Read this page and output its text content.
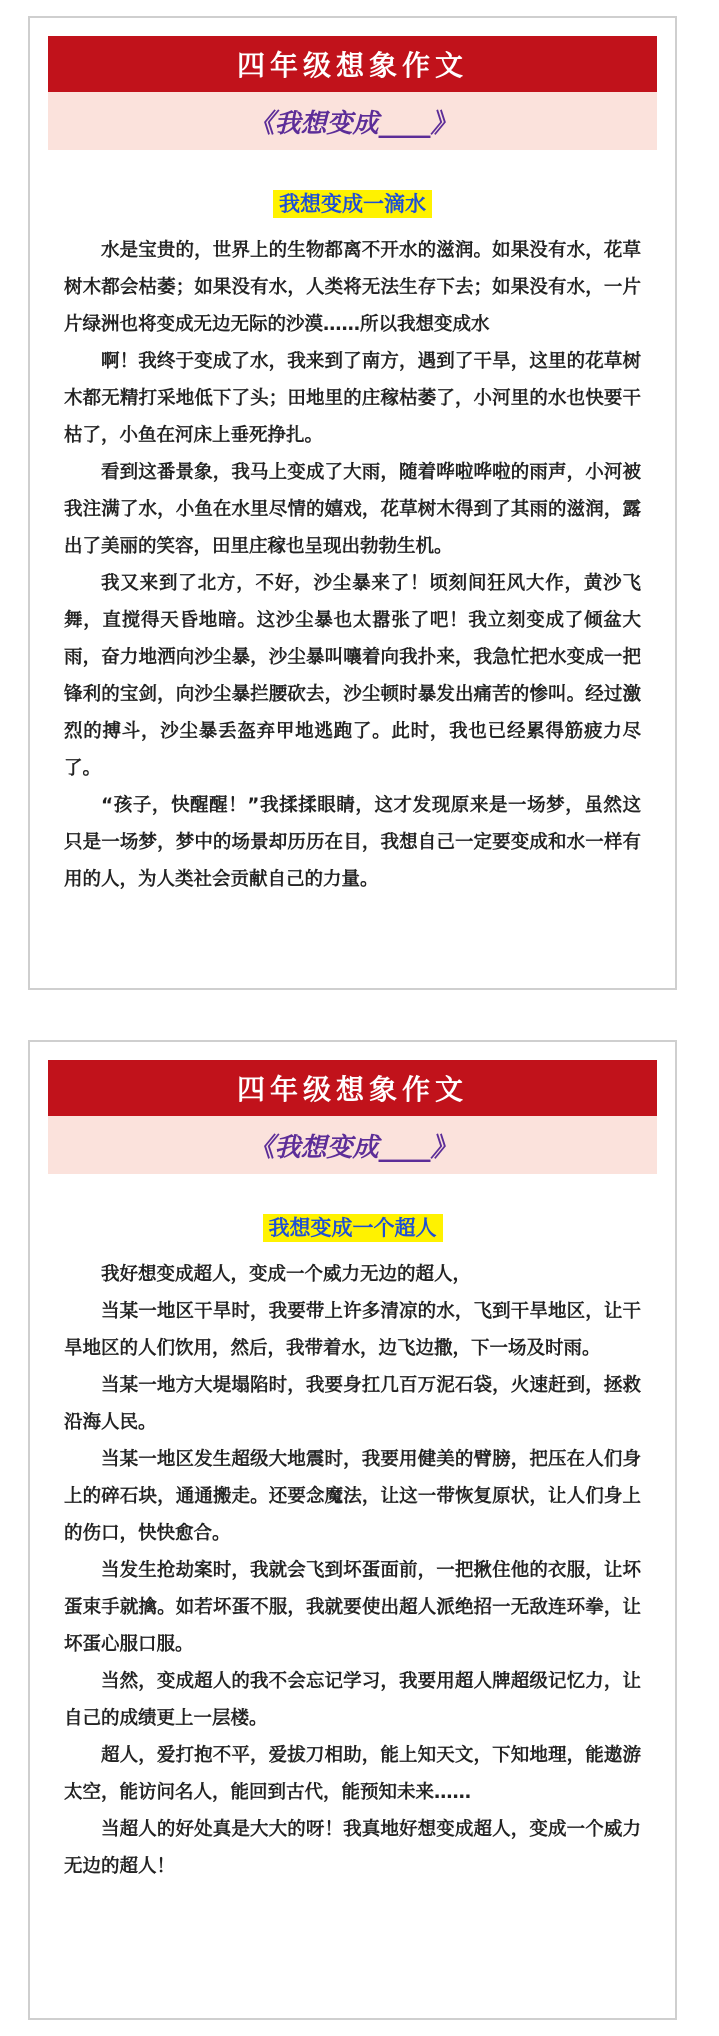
四年级想象作文
《我想变成____》
我想变成一滴水

水是宝贵的，世界上的生物都离不开水的滋润。如果没有水，花草树木都会枯萎；如果没有水，人类将无法生存下去；如果没有水，一片片绿洲也将变成无边无际的沙漠……所以我想变成水

啊！我终于变成了水，我来到了南方，遇到了干旱，这里的花草树木都无精打采地低下了头；田地里的庄稼枯萎了，小河里的水也快要干枯了，小鱼在河床上垂死挣扎。

看到这番景象，我马上变成了大雨，随着哗啦哗啦的雨声，小河被我注满了水，小鱼在水里尽情的嬉戏，花草树木得到了其雨的滋润，露出了美丽的笑容，田里庄稼也呈现出勃勃生机。

我又来到了北方，不好，沙尘暴来了！顷刻间狂风大作，黄沙飞舞，直搅得天昏地暗。这沙尘暴也太嚣张了吧！我立刻变成了倾盆大雨，奋力地洒向沙尘暴，沙尘暴叫嚷着向我扑来，我急忙把水变成一把锋利的宝剑，向沙尘暴拦腰砍去，沙尘顿时暴发出痛苦的惨叫。经过激烈的搏斗，沙尘暴丢盔弃甲地逃跑了。此时，我也已经累得筋疲力尽了。

“孩子，快醒醒！”我揉揉眼睛，这才发现原来是一场梦，虽然这只是一场梦，梦中的场景却历历在目，我想自己一定要变成和水一样有用的人，为人类社会贡献自己的力量。

四年级想象作文
《我想变成____》
我想变成一个超人

我好想变成超人，变成一个威力无边的超人，

当某一地区干旱时，我要带上许多清凉的水，飞到干旱地区，让干旱地区的人们饮用，然后，我带着水，边飞边撒，下一场及时雨。

当某一地方大堤塌陷时，我要身扛几百万泥石袋，火速赶到，拯救沿海人民。

当某一地区发生超级大地震时，我要用健美的臂膀，把压在人们身上的碎石块，通通搬走。还要念魔法，让这一带恢复原状，让人们身上的伤口，快快愈合。

当发生抢劫案时，我就会飞到坏蛋面前，一把揪住他的衣服，让坏蛋束手就擒。如若坏蛋不服，我就要使出超人派绝招一无敌连环拳，让坏蛋心服口服。

当然，变成超人的我不会忘记学习，我要用超人牌超级记忆力，让自己的成绩更上一层楼。

超人，爱打抱不平，爱拔刀相助，能上知天文，下知地理，能遨游太空，能访问名人，能回到古代，能预知未来……

当超人的好处真是大大的呀！我真地好想变成超人，变成一个威力无边的超人！
